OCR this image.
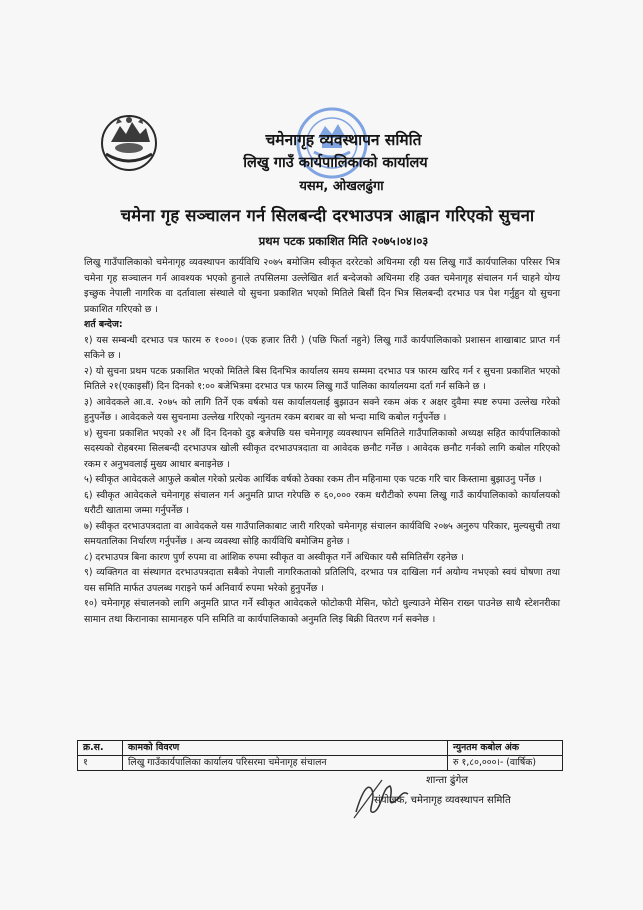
चमेनागृह व्यवस्थापन समिति
लिखु गाउँ कार्यपालिकाको कार्यालय
यसम, ओखलढुंगा
चमेना गृह सञ्चालन गर्न सिलबन्दी दरभाउपत्र आह्वान गरिएको सुचना
प्रथम पटक प्रकाशित मिति २०७५।०४।०३

लिखु गाउँपालिकाको चमेनागृह व्यवस्थापन कार्यविधि २०७५ बमोजिम स्वीकृत दररेटको अधिनमा रही यस लिखु गाउँ कार्यपालिका परिसर भित्र चमेना गृह सञ्चालन गर्न आवश्यक भएको हुनाले तपसिलमा उल्लेखित शर्त बन्देजको अधिनमा रहि उक्त चमेनागृह संचालन गर्न चाहने योग्य इच्छुक नेपाली नागरिक वा दर्तावाला संस्थाले यो सुचना प्रकाशित भएको मितिले बिसौं दिन भित्र सिलबन्दी दरभाउ पत्र पेश गर्नुहुन यो सुचना प्रकाशित गरिएको छ ।

शर्त बन्देज:

१) यस सम्बन्धी दरभाउ पत्र फारम रु १०००। (एक हजार तिरी ) (पछि फिर्ता नहुने) लिखु गाउँ कार्यपालिकाको प्रशासन शाखाबाट प्राप्त गर्न सकिने छ ।

२) यो सुचना प्रथम पटक प्रकाशित भएको मितिले बिस दिनभित्र कार्यालय समय सम्ममा दरभाउ पत्र फारम खरिद गर्न र सुचना प्रकाशित भएको मितिले २१(एकाइसौं) दिन दिनको १:०० बजेभित्रमा दरभाउ पत्र फारम लिखु गाउँ पालिका कार्यालयमा दर्ता गर्न सकिने छ ।

३) आवेदकले आ.व. २०७५ को लागि तिर्ने एक वर्षको यस कार्यालयलाई बुझाउन सक्ने रकम अंक र अक्षर दुवैमा स्पष्ट रुपमा उल्लेख गरेको हुनुपर्नेछ । आवेदकले यस सुचनामा उल्लेख गरिएको न्युनतम रकम बराबर वा सो भन्दा माथि कबोल गर्नुपर्नेछ ।

४) सुचना प्रकाशित भएको २१ औं दिन दिनको दुइ बजेपछि यस चमेनागृह व्यवस्थापन समितिले गाउँपालिकाको अध्यक्ष सहित कार्यपालिकाको सदस्यको रोहबरमा सिलबन्दी दरभाउपत्र खोली स्वीकृत दरभाउपत्रदाता वा आवेदक छनौट गर्नेछ । आवेदक छनौट गर्नको लागि कबोल गरिएको रकम र अनुभवलाई मुख्य आधार बनाइनेछ ।

५) स्वीकृत आवेदकले आफुले कबोल गरेको प्रत्येक आर्थिक वर्षको ठेक्का रकम तीन महिनामा एक पटक गरि चार किस्तामा बुझाउनु पर्नेछ ।

६) स्वीकृत आवेदकले चमेनागृह संचालन गर्न अनुमति प्राप्त गरेपछि रु ६०,००० रकम धरौटीको रुपमा लिखु गाउँ कार्यपालिकाको कार्यालयको धरौटी खातामा जम्मा गर्नुपर्नेछ ।

७) स्वीकृत दरभाउपत्रदाता वा आवेदकले यस गाउँपालिकाबाट जारी गरिएको चमेनागृह संचालन कार्यविधि २०७५ अनुरुप परिकार, मुल्यसुची तथा समयतालिका निर्धारण गर्नुपर्नेछ । अन्य व्यवस्था सोहि कार्यविधि बमोजिम हुनेछ ।

८) दरभाउपत्र बिना कारण पुर्ण रुपमा वा आंशिक रुपमा स्वीकृत वा अस्वीकृत गर्ने अधिकार यसै समितिसँग रहनेछ ।

९) व्यक्तिगत वा संस्थागत दरभाउपत्रदाता सबैको नेपाली नागरिकताको प्रतिलिपि, दरभाउ पत्र दाखिला गर्न अयोग्य नभएको स्वयं घोषणा तथा यस समिति मार्फत उपलब्ध गराइने फर्म अनिवार्य रुपमा भरेको हुनुपर्नेछ ।

१०) चमेनागृह संचालनको लागि अनुमति प्राप्त गर्ने स्वीकृत आवेदकले फोटोकपी मेसिन, फोटो धुल्याउने मेसिन राख्न पाउनेछ साथै स्टेशनरीका सामान तथा किरानाका सामानहरु पनि समिति वा कार्यपालिकाको अनुमति लिइ बिक्री वितरण गर्न सक्नेछ ।

क्र.स.	कामको विवरण	न्युनतम कबोल अंक
१	लिखु गाउँकार्यपालिका कार्यालय परिसरमा चमेनागृह संचालन	रु १,८०,०००।- (वार्षिक)
शान्ता ढुंगेल
संयोजक, चमेनागृह व्यवस्थापन समिति
